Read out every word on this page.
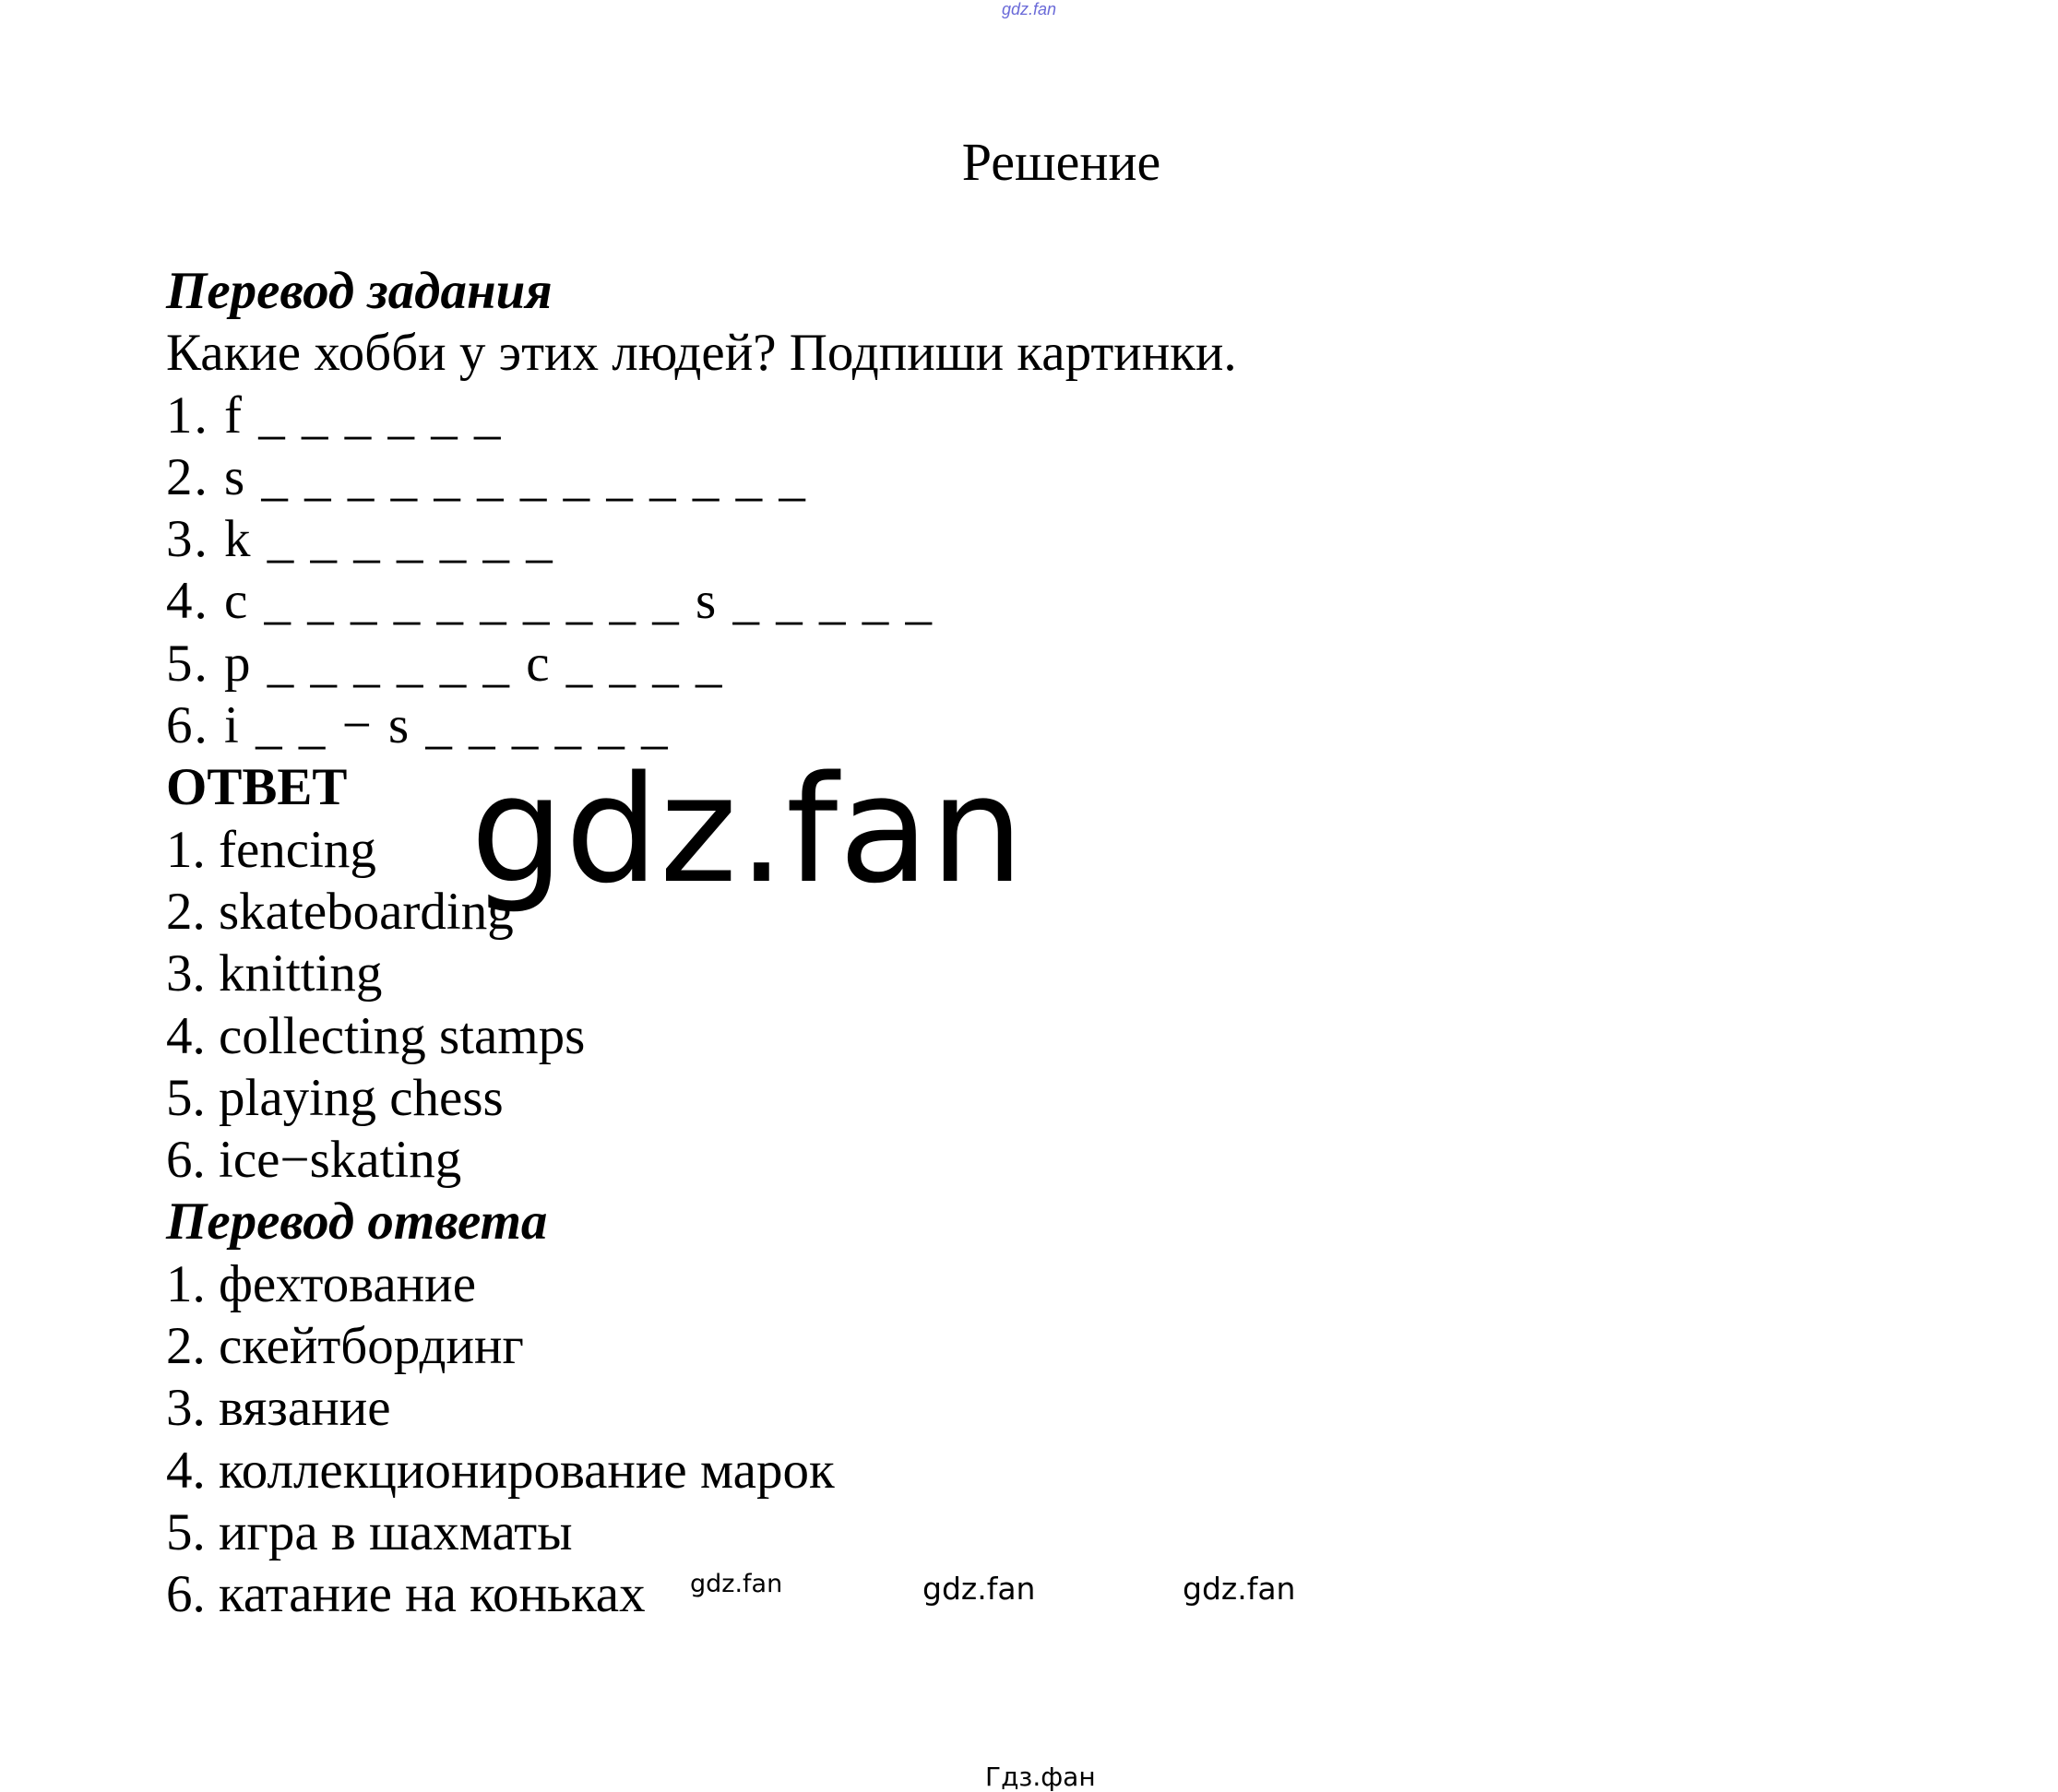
gdz.fan
Решение
Перевод задания
Какие хобби у этих людей? Подпиши картинки.
1. f _ _ _ _ _ _
2. s _ _ _ _ _ _ _ _ _ _ _ _ _
3. k _ _ _ _ _ _ _
4. c _ _ _ _ _ _ _ _ _ _ s _ _ _ _ _
5. p _ _ _ _ _ _ c _ _ _ _
6. i _ _ − s _ _ _ _ _ _
ОТВЕТ
1. fencing
2. skateboarding
3. knitting
4. collecting stamps
5. playing chess
6. ice−skating
Перевод ответа
1. фехтование
2. скейтбординг
3. вязание
4. коллекционирование марок
5. игра в шахматы
6. катание на коньках
gdz.fan
gdz.fan	gdz.fan	gdz.fan
Гдз.фан
